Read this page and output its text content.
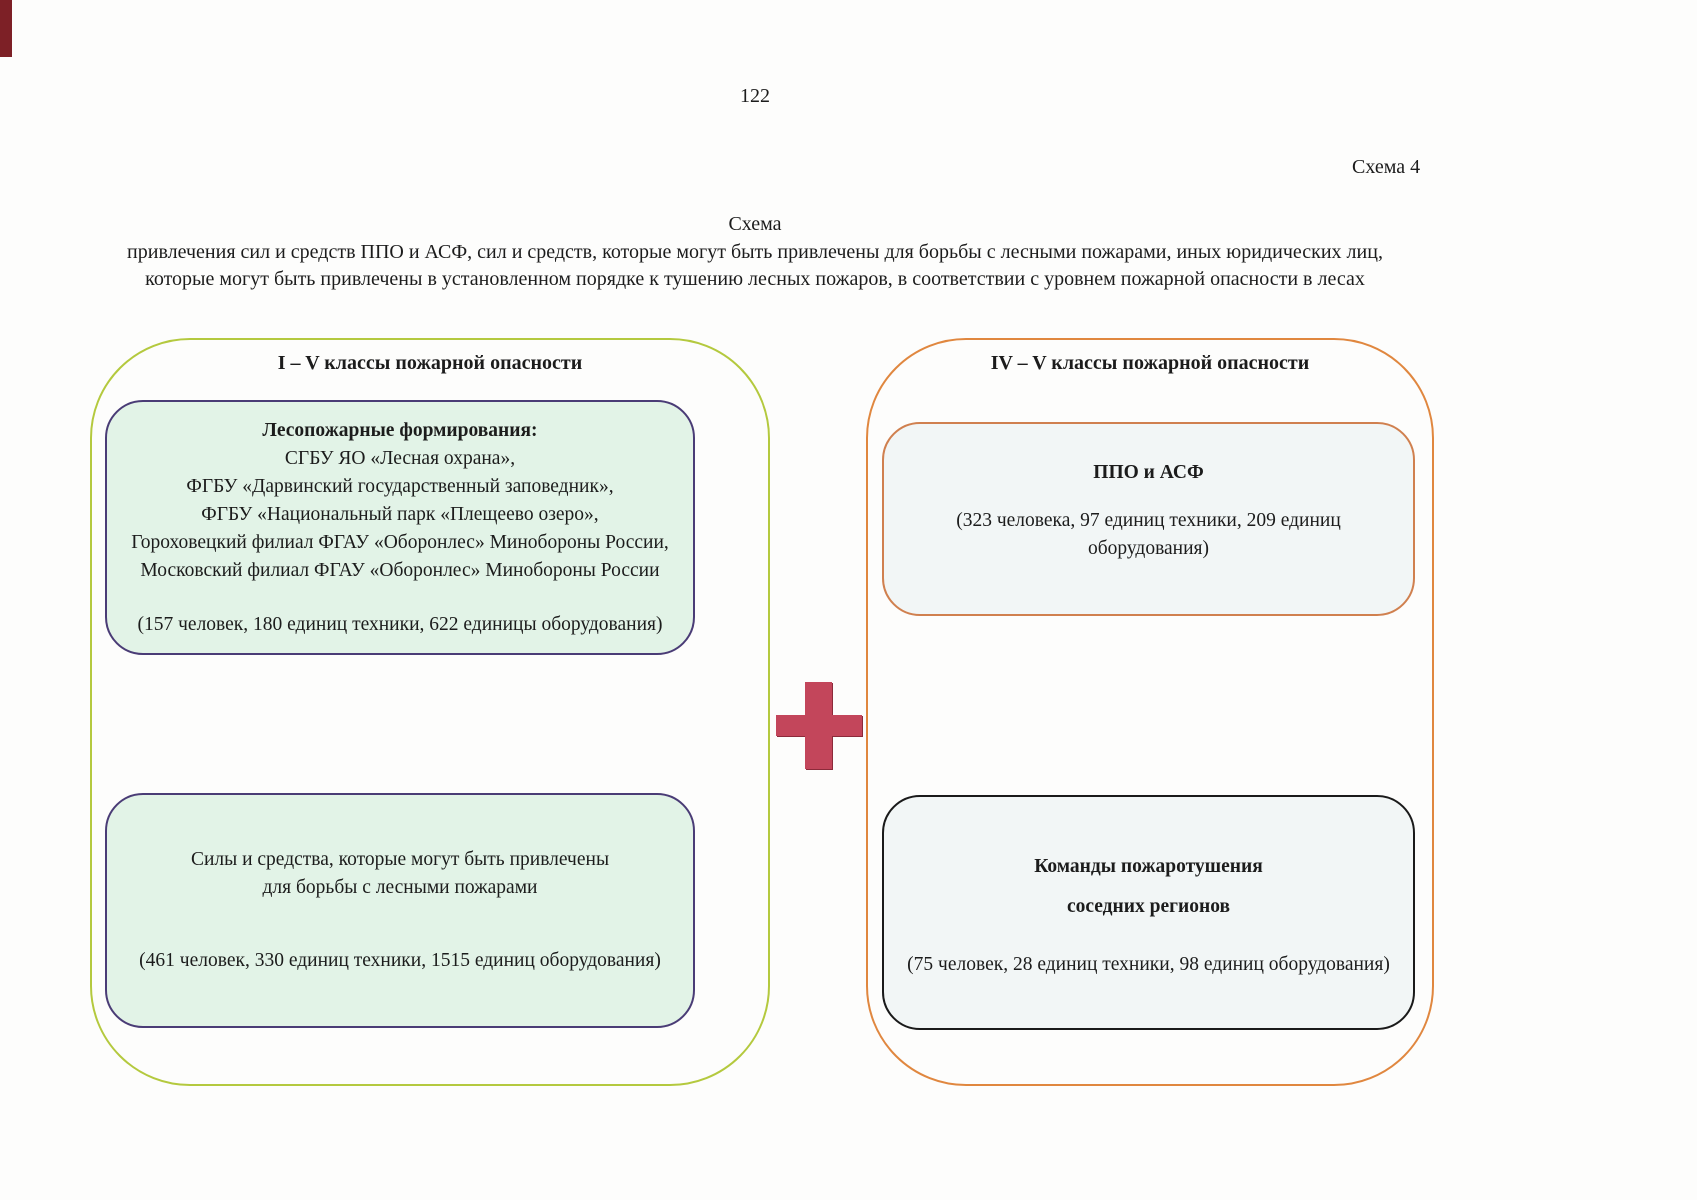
122
Схема 4
Схема
привлечения сил и средств ППО и АСФ, сил и средств, которые могут быть привлечены для борьбы с лесными пожарами, иных юридических лиц,
которые могут быть привлечены в установленном порядке к тушению лесных пожаров, в соответствии с уровнем пожарной опасности в лесах
I – V классы пожарной опасности
Лесопожарные формирования:
СГБУ ЯО «Лесная охрана»,
ФГБУ «Дарвинский государственный заповедник»,
ФГБУ «Национальный парк «Плещеево озеро»,
Гороховецкий филиал ФГАУ «Оборонлес» Минобороны России,
Московский филиал ФГАУ «Оборонлес» Минобороны России
(157 человек, 180 единиц техники, 622 единицы оборудования)
Силы и средства, которые могут быть привлечены
для борьбы с лесными пожарами
(461 человек, 330 единиц техники, 1515 единиц оборудования)
IV – V классы пожарной опасности
ППО и АСФ
(323 человека, 97 единиц техники, 209 единиц оборудования)
Команды пожаротушения
соседних регионов
(75 человек, 28 единиц техники, 98 единиц оборудования)
